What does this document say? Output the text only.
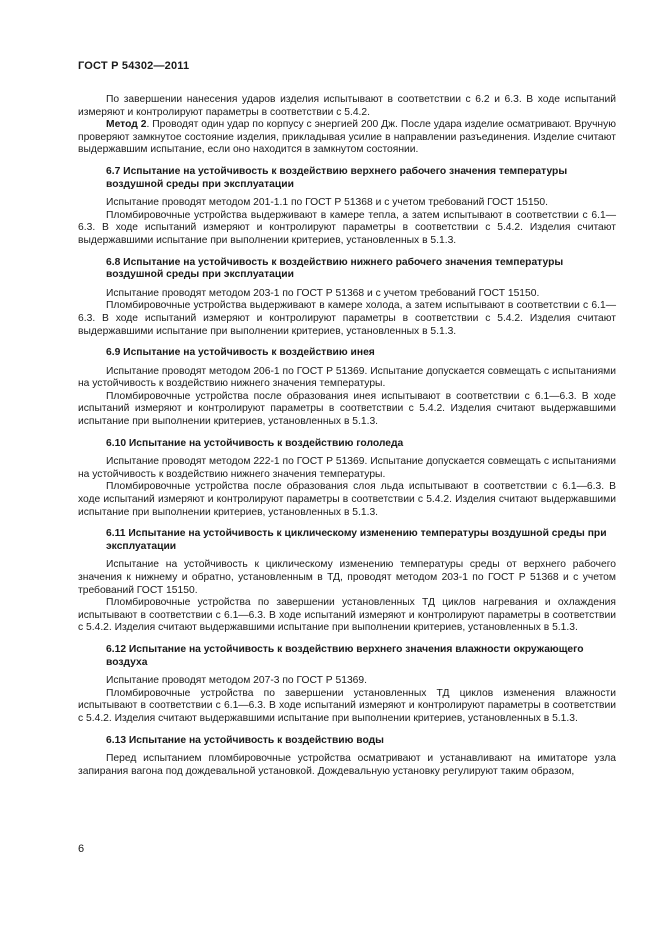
ГОСТ Р 54302—2011

По завершении нанесения ударов изделия испытывают в соответствии с 6.2 и 6.3. В ходе испытаний измеряют и контролируют параметры в соответствии с 5.4.2.

Метод 2. Проводят один удар по корпусу с энергией 200 Дж. После удара изделие осматривают. Вручную проверяют замкнутое состояние изделия, прикладывая усилие в направлении разъединения. Изделие считают выдержавшим испытание, если оно находится в замкнутом состоянии.

6.7 Испытание на устойчивость к воздействию верхнего рабочего значения температуры воздушной среды при эксплуатации

Испытание проводят методом 201-1.1 по ГОСТ Р 51368 и с учетом требований ГОСТ 15150.

Пломбировочные устройства выдерживают в камере тепла, а затем испытывают в соответствии с 6.1—6.3. В ходе испытаний измеряют и контролируют параметры в соответствии с 5.4.2. Изделия считают выдержавшими испытание при выполнении критериев, установленных в 5.1.3.

6.8 Испытание на устойчивость к воздействию нижнего рабочего значения температуры воздушной среды при эксплуатации

Испытание проводят методом 203-1 по ГОСТ Р 51368 и с учетом требований ГОСТ 15150.

Пломбировочные устройства выдерживают в камере холода, а затем испытывают в соответствии с 6.1—6.3. В ходе испытаний измеряют и контролируют параметры в соответствии с 5.4.2. Изделия считают выдержавшими испытание при выполнении критериев, установленных в 5.1.3.

6.9 Испытание на устойчивость к воздействию инея

Испытание проводят методом 206-1 по ГОСТ Р 51369. Испытание допускается совмещать с испытаниями на устойчивость к воздействию нижнего значения температуры.

Пломбировочные устройства после образования инея испытывают в соответствии с 6.1—6.3. В ходе испытаний измеряют и контролируют параметры в соответствии с 5.4.2. Изделия считают выдержавшими испытание при выполнении критериев, установленных в 5.1.3.

6.10 Испытание на устойчивость к воздействию гололеда

Испытание проводят методом 222-1 по ГОСТ Р 51369. Испытание допускается совмещать с испытаниями на устойчивость к воздействию нижнего значения температуры.

Пломбировочные устройства после образования слоя льда испытывают в соответствии с 6.1—6.3. В ходе испытаний измеряют и контролируют параметры в соответствии с 5.4.2. Изделия считают выдержавшими испытание при выполнении критериев, установленных в 5.1.3.

6.11 Испытание на устойчивость к циклическому изменению температуры воздушной среды при эксплуатации

Испытание на устойчивость к циклическому изменению температуры среды от верхнего рабочего значения к нижнему и обратно, установленным в ТД, проводят методом 203-1 по ГОСТ Р 51368 и с учетом требований ГОСТ 15150.

Пломбировочные устройства по завершении установленных ТД циклов нагревания и охлаждения испытывают в соответствии с 6.1—6.3. В ходе испытаний измеряют и контролируют параметры в соответствии с 5.4.2. Изделия считают выдержавшими испытание при выполнении критериев, установленных в 5.1.3.

6.12 Испытание на устойчивость к воздействию верхнего значения влажности окружающего воздуха

Испытание проводят методом 207-3 по ГОСТ Р 51369.

Пломбировочные устройства по завершении установленных ТД циклов изменения влажности испытывают в соответствии с 6.1—6.3. В ходе испытаний измеряют и контролируют параметры в соответствии с 5.4.2. Изделия считают выдержавшими испытание при выполнении критериев, установленных в 5.1.3.

6.13 Испытание на устойчивость к воздействию воды

Перед испытанием пломбировочные устройства осматривают и устанавливают на имитаторе узла запирания вагона под дождевальной установкой. Дождевальную установку регулируют таким образом,

6
